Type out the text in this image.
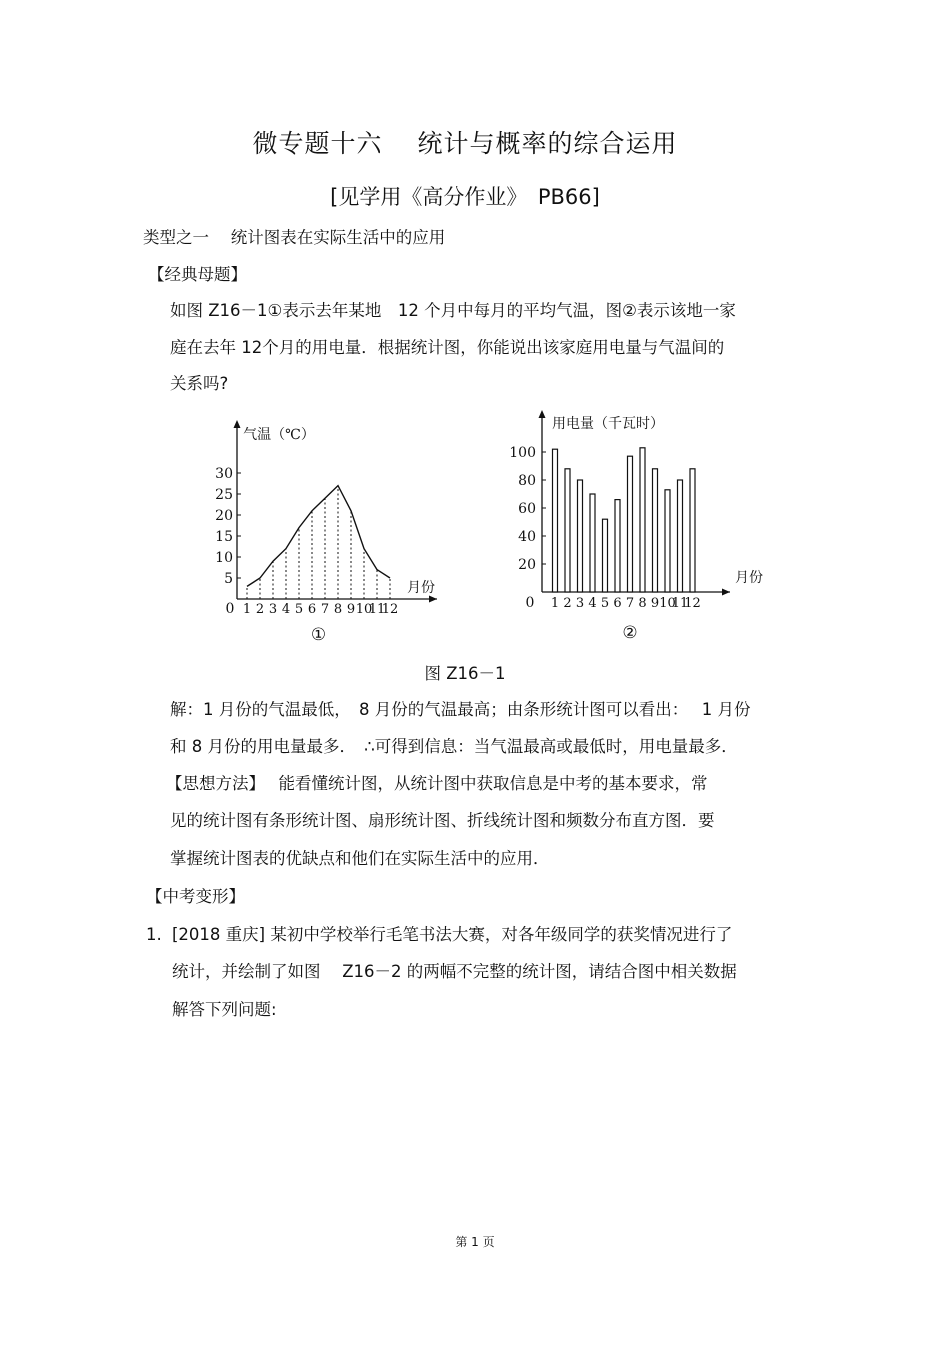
微专题十六　 统计与概率的综合运用
[见学用《高分作业》　PB66]
类型之一　 统计图表在实际生活中的应用
【经典母题】
如图 Z16－1①表示去年某地　12 个月中每月的平均气温，图②表示该地一家
庭在去年 12个月的用电量．根据统计图，你能说出该家庭用电量与气温间的
关系吗?
气温（℃）
月份
0
5
10
15
20
25
30
1 2 3 4 5 6 7 8 9 10
11
12
①
用电量（千瓦时）
月份
0
20
40
60
80
100
1 2 3 4 5 6 7 8 9 10
11
12
②
图 Z16－1
解：1 月份的气温最低，　8 月份的气温最高；由条形统计图可以看出：　 1 月份
和 8 月份的用电量最多．　∴可得到信息：当气温最高或最低时，用电量最多．
【思想方法】　 能看懂统计图，从统计图中获取信息是中考的基本要求，常
见的统计图有条形统计图、扇形统计图、折线统计图和频数分布直方图．要
掌握统计图表的优缺点和他们在实际生活中的应用．
【中考变形】
1. [2018 重庆] 某初中学校举行毛笔书法大赛，对各年级同学的获奖情况进行了
统计，并绘制了如图　 Z16－2 的两幅不完整的统计图，请结合图中相关数据
解答下列问题:
第 1 页
